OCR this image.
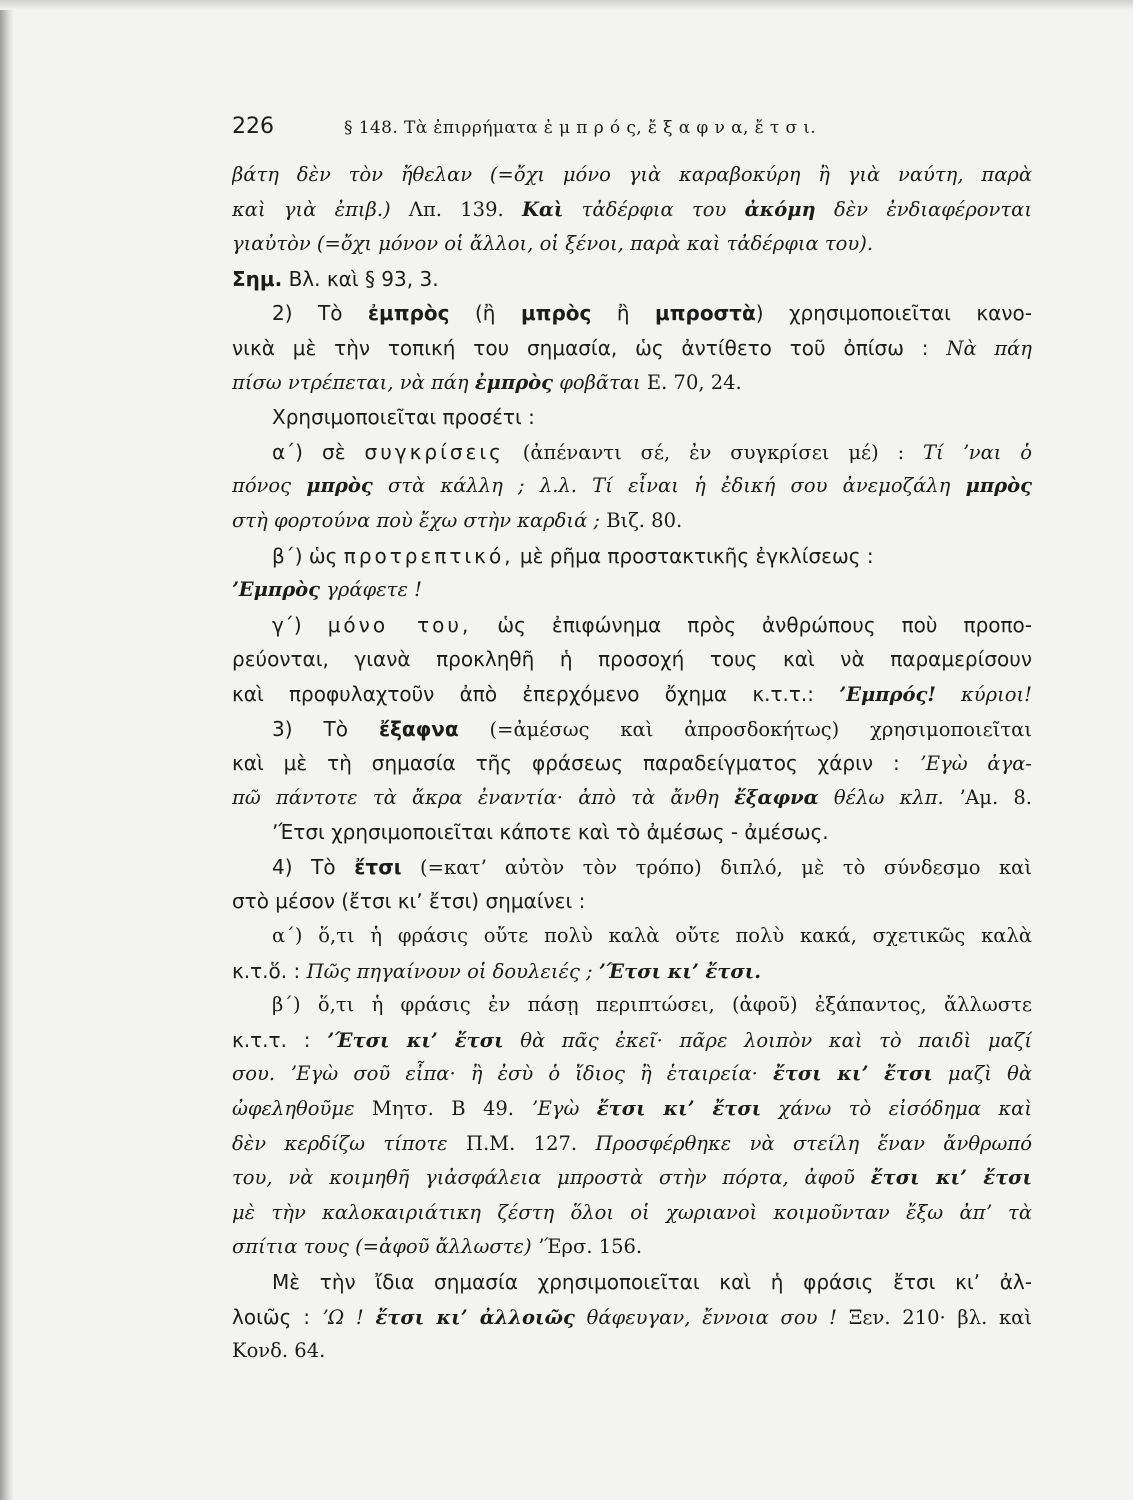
226	§ 148. Τὰ ἐπιρρήματα ἐ μ π ρ ό ς, ἔ ξ α φ ν α, ἔ τ σ ι.
βάτη δὲν τὸν ἤθελαν (=ὄχι μόνο γιὰ καραβοκύρη ἢ γιὰ ναύτη, παρὰ
καὶ γιὰ ἐπιβ.) Λπ. 139. Καὶ τἀδέρφια του ἀκόμη δὲν ἐνδιαφέρονται
γιαὐτὸν (=ὄχι μόνον οἱ ἄλλοι, οἱ ξένοι, παρὰ καὶ τἀδέρφια του).
Σημ. Βλ. καὶ § 93, 3.
2) Τὸ ἐμπρὸς (ἢ μπρὸς ἢ μπροστὰ) χρησιμοποιεῖται κανο-
νικὰ μὲ τὴν τοπική του σημασία, ὡς ἀντίθετο τοῦ ὀπίσω : Νὰ πάη
πίσω ντρέπεται, νὰ πάη ἐμπρὸς φοβᾶται Ε. 70, 24.
Χρησιμοποιεῖται προσέτι :
α΄) σὲ συγκρίσεις (ἀπέναντι σέ, ἐν συγκρίσει μέ) : Τί ʼναι ὁ
πόνος μπρὸς στὰ κάλλη ; λ.λ. Τί εἶναι ἡ ἐδική σου ἀνεμοζάλη μπρὸς
στὴ φορτούνα ποὺ ἔχω στὴν καρδιά ; Βιζ. 80.
β΄) ὡς προτρεπτικό, μὲ ρῆμα προστακτικῆς ἐγκλίσεως :
ʼΕμπρὸς γράφετε !
γ΄) μόνο του, ὡς ἐπιφώνημα πρὸς ἀνθρώπους ποὺ προπο-
ρεύονται, γιανὰ προκληθῆ ἡ προσοχή τους καὶ νὰ παραμερίσουν
καὶ προφυλαχτοῦν ἀπὸ ἐπερχόμενο ὄχημα κ.τ.τ.: ʼΕμπρός! κύριοι!
3) Τὸ ἔξαφνα (=ἀμέσως καὶ ἀπροσδοκήτως) χρησιμοποιεῖται
καὶ μὲ τὴ σημασία τῆς φράσεως παραδείγματος χάριν : ʼΕγὼ ἀγα-
πῶ πάντοτε τὰ ἄκρα ἐναντία· ἀπὸ τὰ ἄνθη ἔξαφνα θέλω κλπ. ʼΑμ. 8.
ʼΈτσι χρησιμοποιεῖται κάποτε καὶ τὸ ἀμέσως - ἀμέσως.
4) Τὸ ἔτσι (=κατʼ αὐτὸν τὸν τρόπο) διπλό, μὲ τὸ σύνδεσμο καὶ
στὸ μέσον (ἔτσι κιʼ ἔτσι) σημαίνει :
α΄) ὅ,τι ἡ φράσις οὔτε πολὺ καλὰ οὔτε πολὺ κακά, σχετικῶς καλὰ
κ.τ.ὅ. : Πῶς πηγαίνουν οἱ δουλειές ; ʼΈτσι κιʼ ἔτσι.
β΄) ὅ,τι ἡ φράσις ἐν πάσῃ περιπτώσει, (ἀφοῦ) ἐξάπαντος, ἄλλωστε
κ.τ.τ. : ʼΈτσι κιʼ ἔτσι θὰ πᾶς ἐκεῖ· πᾶρε λοιπὸν καὶ τὸ παιδὶ μαζί
σου. ʼΕγὼ σοῦ εἶπα· ἢ ἐσὺ ὁ ἴδιος ἢ ἑταιρεία· ἔτσι κιʼ ἔτσι μαζὶ θὰ
ὠφεληθοῦμε Μητσ. Β 49. ʼΕγὼ ἔτσι κιʼ ἔτσι χάνω τὸ εἰσόδημα καὶ
δὲν κερδίζω τίποτε Π.Μ. 127. Προσφέρθηκε νὰ στείλη ἕναν ἄνθρωπό
του, νὰ κοιμηθῆ γιἀσφάλεια μπροστὰ στὴν πόρτα, ἀφοῦ ἔτσι κιʼ ἔτσι
μὲ τὴν καλοκαιριάτικη ζέστη ὅλοι οἱ χωριανοὶ κοιμοῦνταν ἔξω ἀπʼ τὰ
σπίτια τους (=ἀφοῦ ἄλλωστε) ʼΈρσ. 156.
Μὲ τὴν ἴδια σημασία χρησιμοποιεῖται καὶ ἡ φράσις ἔτσι κιʼ ἀλ-
λοιῶς : ʼΩ ! ἔτσι κιʼ ἀλλοιῶς θάφευγαν, ἔννοια σου ! Ξεν. 210· βλ. καὶ
Κονδ. 64.
